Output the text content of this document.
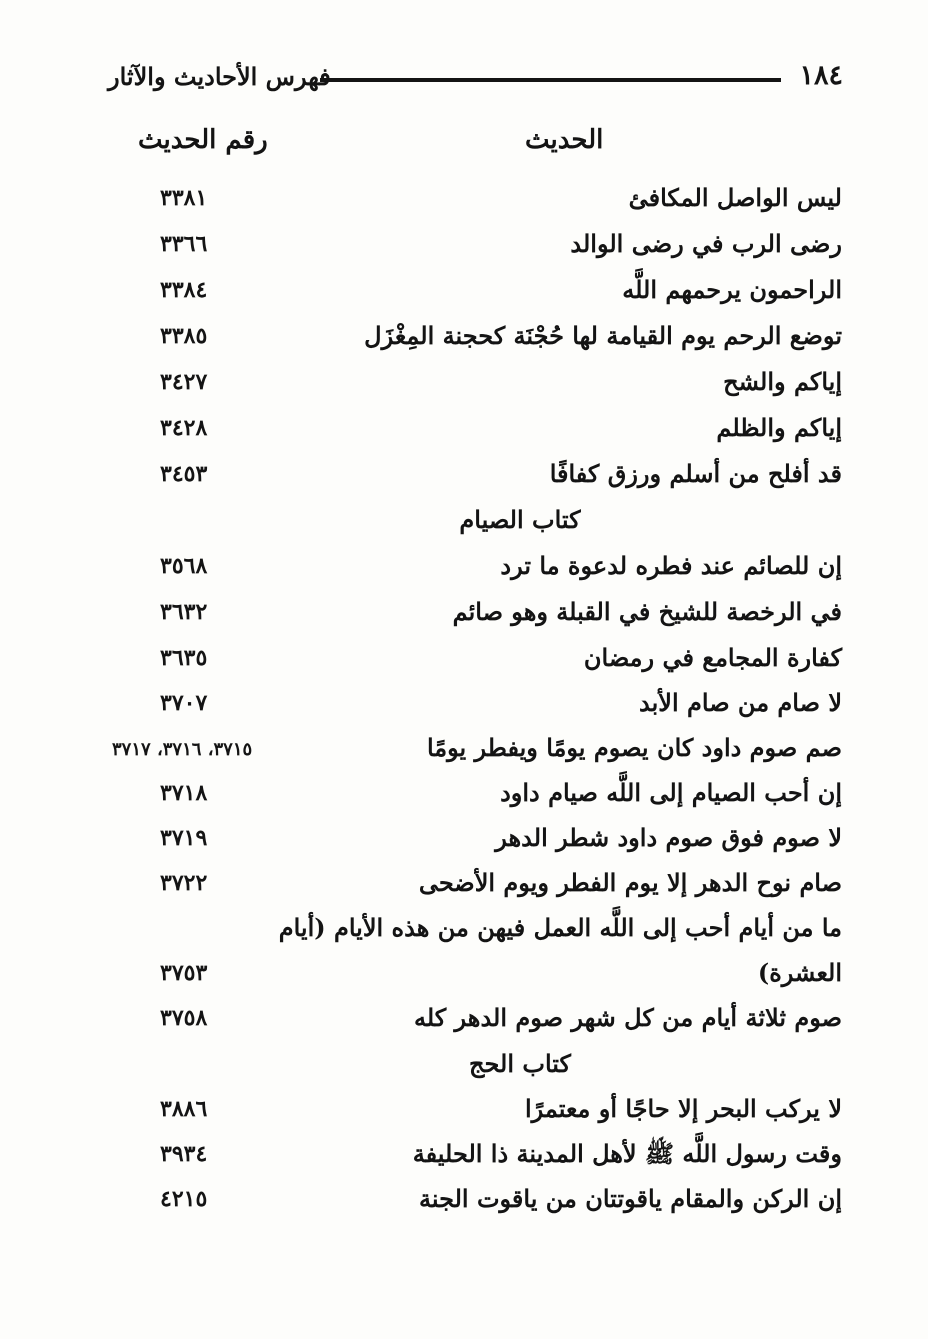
١٨٤
فهرس الأحاديث والآثار
الحديث
رقم الحديث
ليس الواصل المكافئ
٣٣٨١
رضى الرب في رضى الوالد
٣٣٦٦
الراحمون يرحمهم اللَّه
٣٣٨٤
توضع الرحم يوم القيامة لها حُجْنَة كحجنة المِغْزَل
٣٣٨٥
إياكم والشح
٣٤٢٧
إياكم والظلم
٣٤٢٨
قد أفلح من أسلم ورزق كفافًا
٣٤٥٣
كتاب الصيام
إن للصائم عند فطره لدعوة ما ترد
٣٥٦٨
في الرخصة للشيخ في القبلة وهو صائم
٣٦٣٢
كفارة المجامع في رمضان
٣٦٣٥
لا صام من صام الأبد
٣٧٠٧
صم صوم داود كان يصوم يومًا ويفطر يومًا
٣٧١٥، ٣٧١٦، ٣٧١٧
إن أحب الصيام إلى اللَّه صيام داود
٣٧١٨
لا صوم فوق صوم داود شطر الدهر
٣٧١٩
صام نوح الدهر إلا يوم الفطر ويوم الأضحى
٣٧٢٢
ما من أيام أحب إلى اللَّه العمل فيهن من هذه الأيام (أيام
العشرة)
٣٧٥٣
صوم ثلاثة أيام من كل شهر صوم الدهر كله
٣٧٥٨
كتاب الحج
لا يركب البحر إلا حاجًا أو معتمرًا
٣٨٨٦
وقت رسول اللَّه ﷺ لأهل المدينة ذا الحليفة
٣٩٣٤
إن الركن والمقام ياقوتتان من ياقوت الجنة
٤٢١٥
